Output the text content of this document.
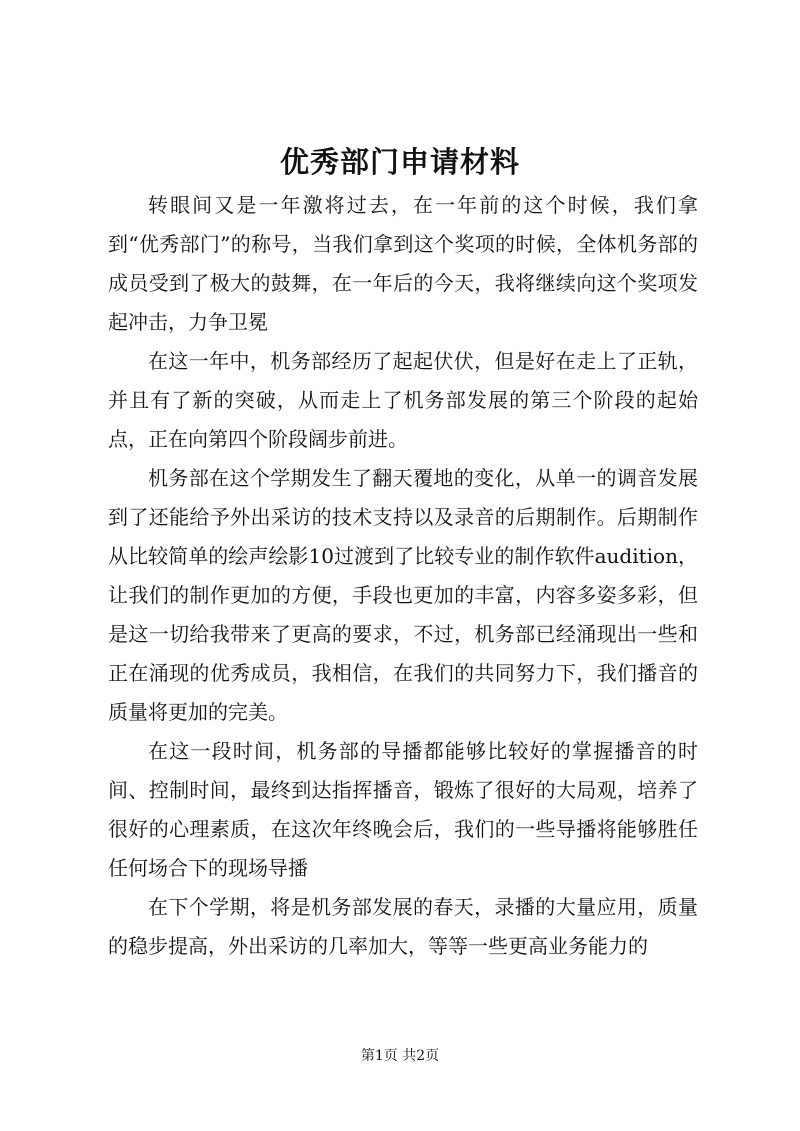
优秀部门申请材料

转眼间又是一年激将过去，在一年前的这个时候，我们拿到“优秀部门”的称号，当我们拿到这个奖项的时候，全体机务部的成员受到了极大的鼓舞，在一年后的今天，我将继续向这个奖项发起冲击，力争卫冕

在这一年中，机务部经历了起起伏伏，但是好在走上了正轨，并且有了新的突破，从而走上了机务部发展的第三个阶段的起始点，正在向第四个阶段阔步前进。

机务部在这个学期发生了翻天覆地的变化，从单一的调音发展到了还能给予外出采访的技术支持以及录音的后期制作。后期制作从比较简单的绘声绘影10过渡到了比较专业的制作软件audition，让我们的制作更加的方便，手段也更加的丰富，内容多姿多彩，但是这一切给我带来了更高的要求，不过，机务部已经涌现出一些和正在涌现的优秀成员，我相信，在我们的共同努力下，我们播音的质量将更加的完美。

在这一段时间，机务部的导播都能够比较好的掌握播音的时间、控制时间，最终到达指挥播音，锻炼了很好的大局观，培养了很好的心理素质，在这次年终晚会后，我们的一些导播将能够胜任任何场合下的现场导播

在下个学期，将是机务部发展的春天，录播的大量应用，质量的稳步提高，外出采访的几率加大，等等一些更高业务能力的

第1页 共2页
